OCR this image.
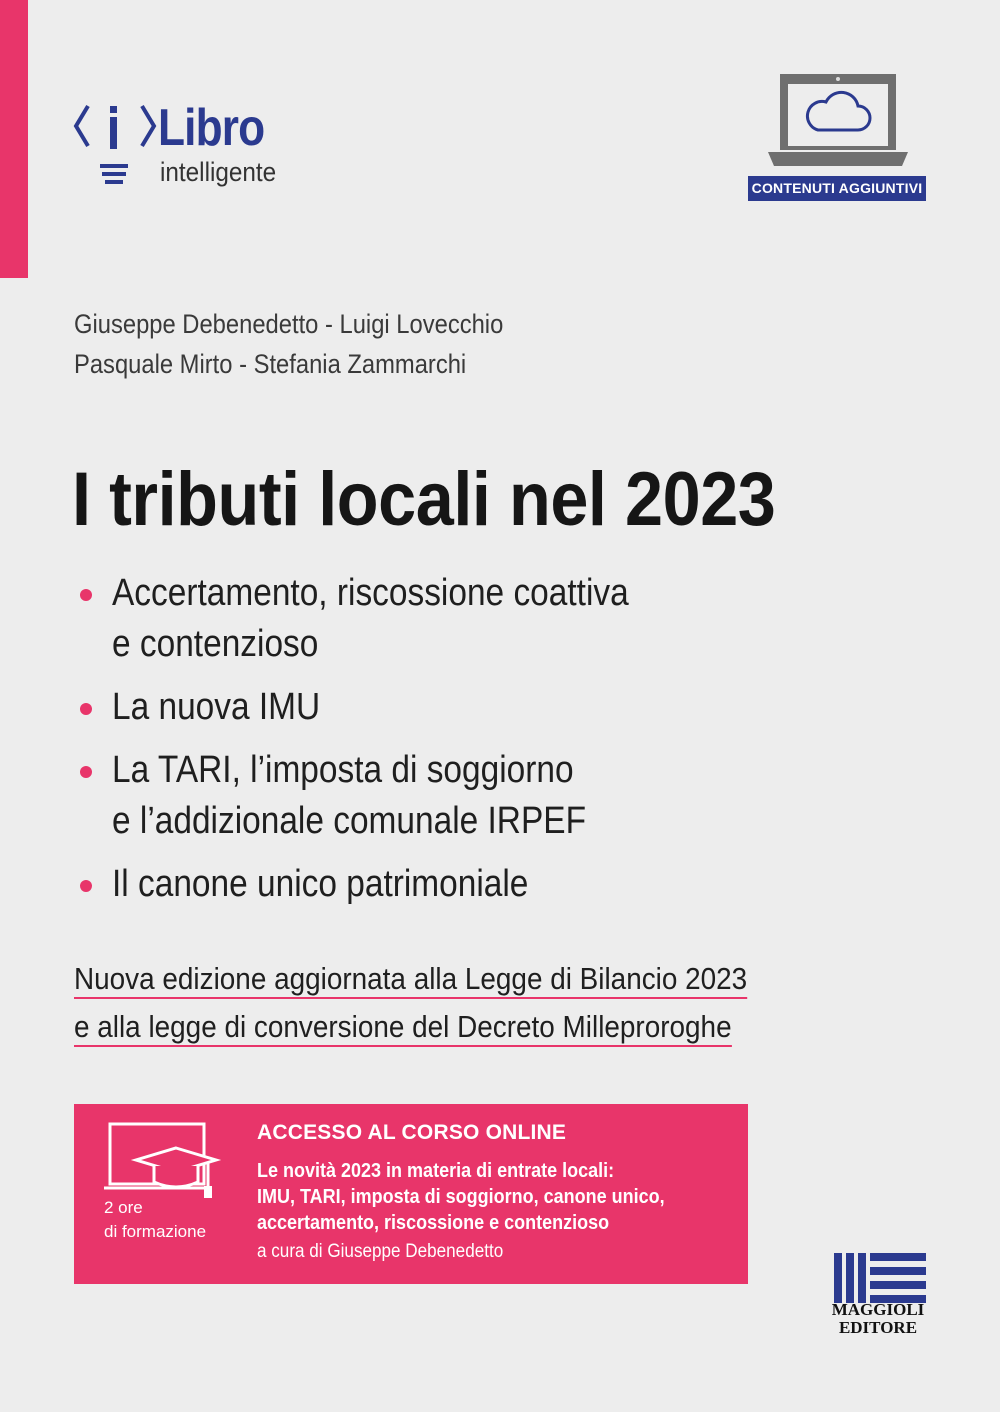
Libro
intelligente
CONTENUTI AGGIUNTIVI
Giuseppe Debenedetto - Luigi Lovecchio
Pasquale Mirto - Stefania Zammarchi
I tributi locali nel 2023
Accertamento, riscossione coattiva
e contenzioso
La nuova IMU
La TARI, l’imposta di soggiorno
e l’addizionale comunale IRPEF
Il canone unico patrimoniale
Nuova edizione aggiornata alla Legge di Bilancio 2023
e alla legge di conversione del Decreto Milleproroghe
2 ore
di formazione
ACCESSO AL CORSO ONLINE
Le novità 2023 in materia di entrate locali:
IMU, TARI, imposta di soggiorno, canone unico,
accertamento, riscossione e contenzioso
a cura di Giuseppe Debenedetto
MAGGIOLI
EDITORE
